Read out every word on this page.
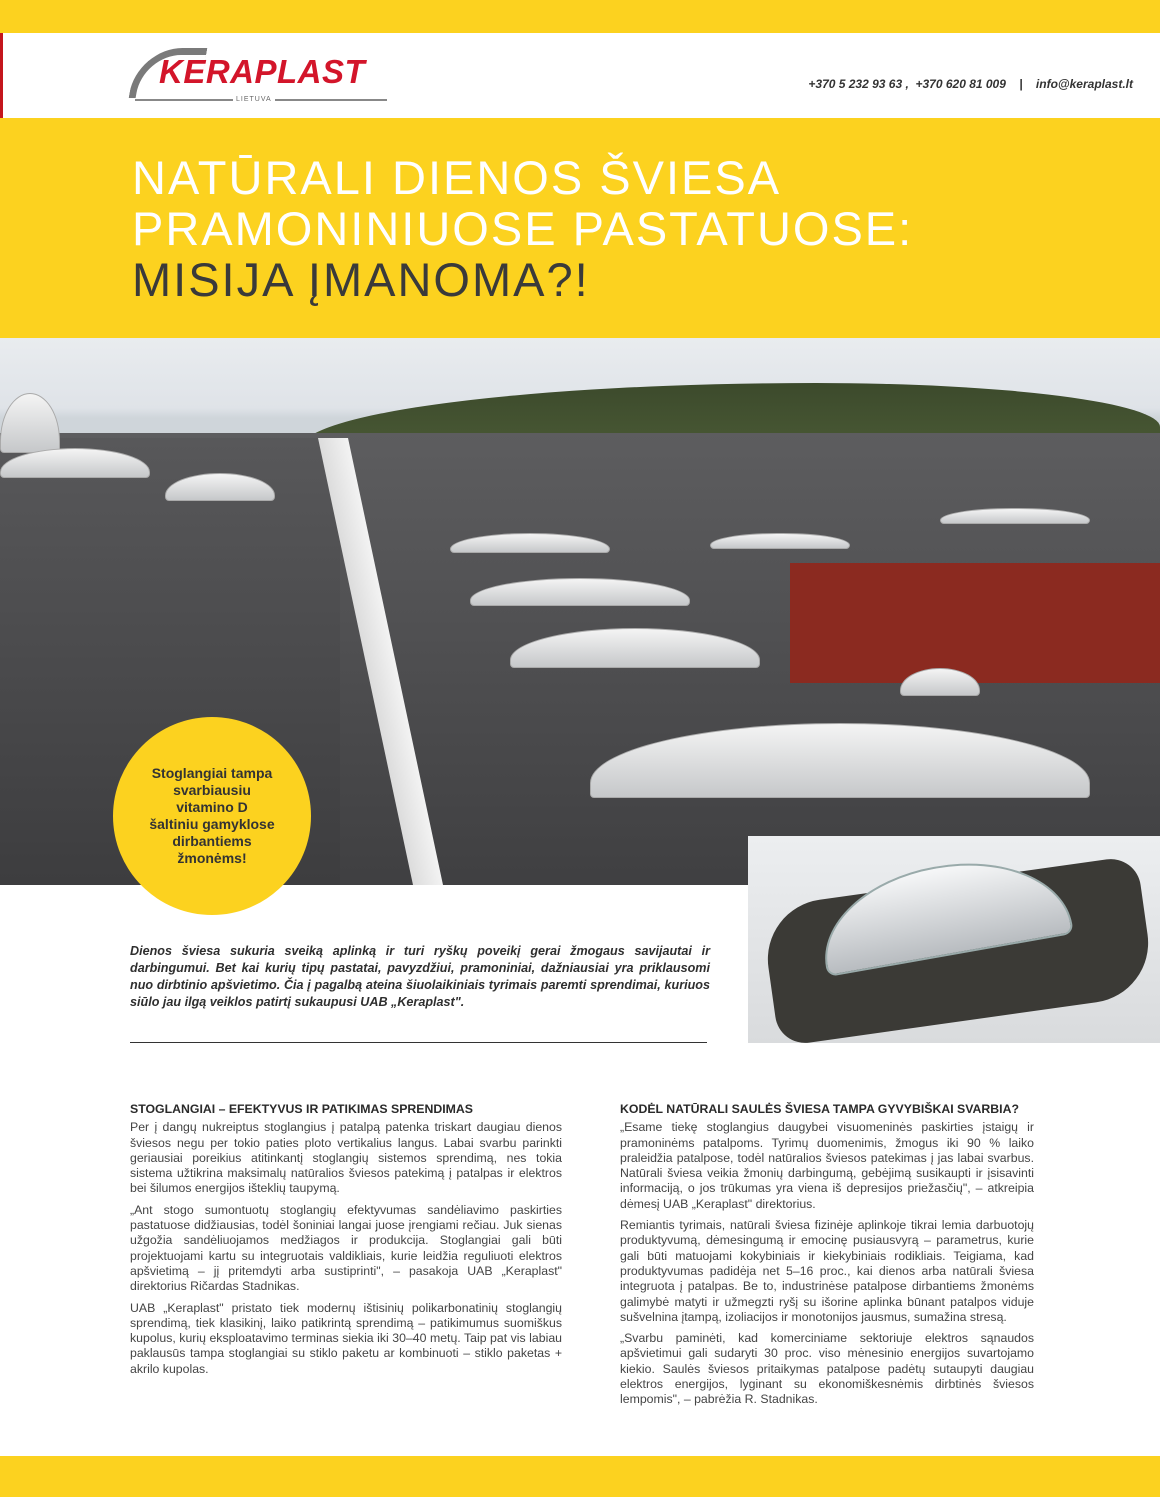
KERAPLAST
LIETUVA
+370 5 232 93 63 ,  +370 620 81 009    |    info@keraplast.lt
NATŪRALI DIENOS ŠVIESA
PRAMONINIUOSE PASTATUOSE:
MISIJA ĮMANOMA?!
Stoglangiai tampa svarbiausiu
vitamino D
šaltiniu gamyklose dirbantiems žmonėms!

Dienos šviesa sukuria sveiką aplinką ir turi ryškų poveikį gerai žmogaus savijautai ir darbingumui. Bet kai kurių tipų pastatai, pavyzdžiui, pramoniniai, dažniausiai yra priklausomi nuo dirbtinio apšvietimo. Čia į pagalbą ateina šiuolaikiniais tyrimais paremti sprendimai, kuriuos siūlo jau ilgą veiklos patirtį sukaupusi UAB „Keraplast".

STOGLANGIAI – EFEKTYVUS IR PATIKIMAS SPRENDIMAS

Per į dangų nukreiptus stoglangius į patalpą patenka triskart daugiau dienos šviesos negu per tokio paties ploto vertikalius langus. Labai svarbu parinkti geriausiai poreikius atitinkantį stoglangių sistemos sprendimą, nes tokia sistema užtikrina maksimalų natūralios šviesos patekimą į patalpas ir elektros bei šilumos energijos išteklių taupymą.

„Ant stogo sumontuotų stoglangių efektyvumas sandėliavimo paskirties pastatuose didžiausias, todėl šoniniai langai juose įrengiami rečiau. Juk sienas užgožia sandėliuojamos medžiagos ir produkcija. Stoglangiai gali būti projektuojami kartu su integruotais valdikliais, kurie leidžia reguliuoti elektros apšvietimą – jį pritemdyti arba sustiprinti", – pasakoja UAB „Keraplast" direktorius Ričardas Stadnikas.

UAB „Keraplast" pristato tiek modernų ištisinių polikarbonatinių stoglangių sprendimą, tiek klasikinį, laiko patikrintą sprendimą – patikimumus suomiškus kupolus, kurių eksploatavimo terminas siekia iki 30–40 metų. Taip pat vis labiau paklausūs tampa stoglangiai su stiklo paketu ar kombinuoti – stiklo paketas + akrilo kupolas.

KODĖL NATŪRALI SAULĖS ŠVIESA TAMPA GYVYBIŠKAI SVARBIA?

„Esame tiekę stoglangius daugybei visuomeninės paskirties įstaigų ir pramoninėms patalpoms. Tyrimų duomenimis, žmogus iki 90 % laiko praleidžia patalpose, todėl natūralios šviesos patekimas į jas labai svarbus. Natūrali šviesa veikia žmonių darbingumą, gebėjimą susikaupti ir įsisavinti informaciją, o jos trūkumas yra viena iš depresijos priežasčių", – atkreipia dėmesį UAB „Keraplast" direktorius.

Remiantis tyrimais, natūrali šviesa fizinėje aplinkoje tikrai lemia darbuotojų produktyvumą, dėmesingumą ir emocinę pusiausvyrą – parametrus, kurie gali būti matuojami kokybiniais ir kiekybiniais rodikliais. Teigiama, kad produktyvumas padidėja net 5–16 proc., kai dienos arba natūrali šviesa integruota į patalpas. Be to, industrinėse patalpose dirbantiems žmonėms galimybė matyti ir užmegzti ryšį su išorine aplinka būnant patalpos viduje sušvelnina įtampą, izoliacijos ir monotonijos jausmus, sumažina stresą.

„Svarbu paminėti, kad komerciniame sektoriuje elektros sąnaudos apšvietimui gali sudaryti 30 proc. viso mėnesinio energijos suvartojamo kiekio. Saulės šviesos pritaikymas patalpose padėtų sutaupyti daugiau elektros energijos, lyginant su ekonomiškesnėmis dirbtinės šviesos lempomis", – pabrėžia R. Stadnikas.
